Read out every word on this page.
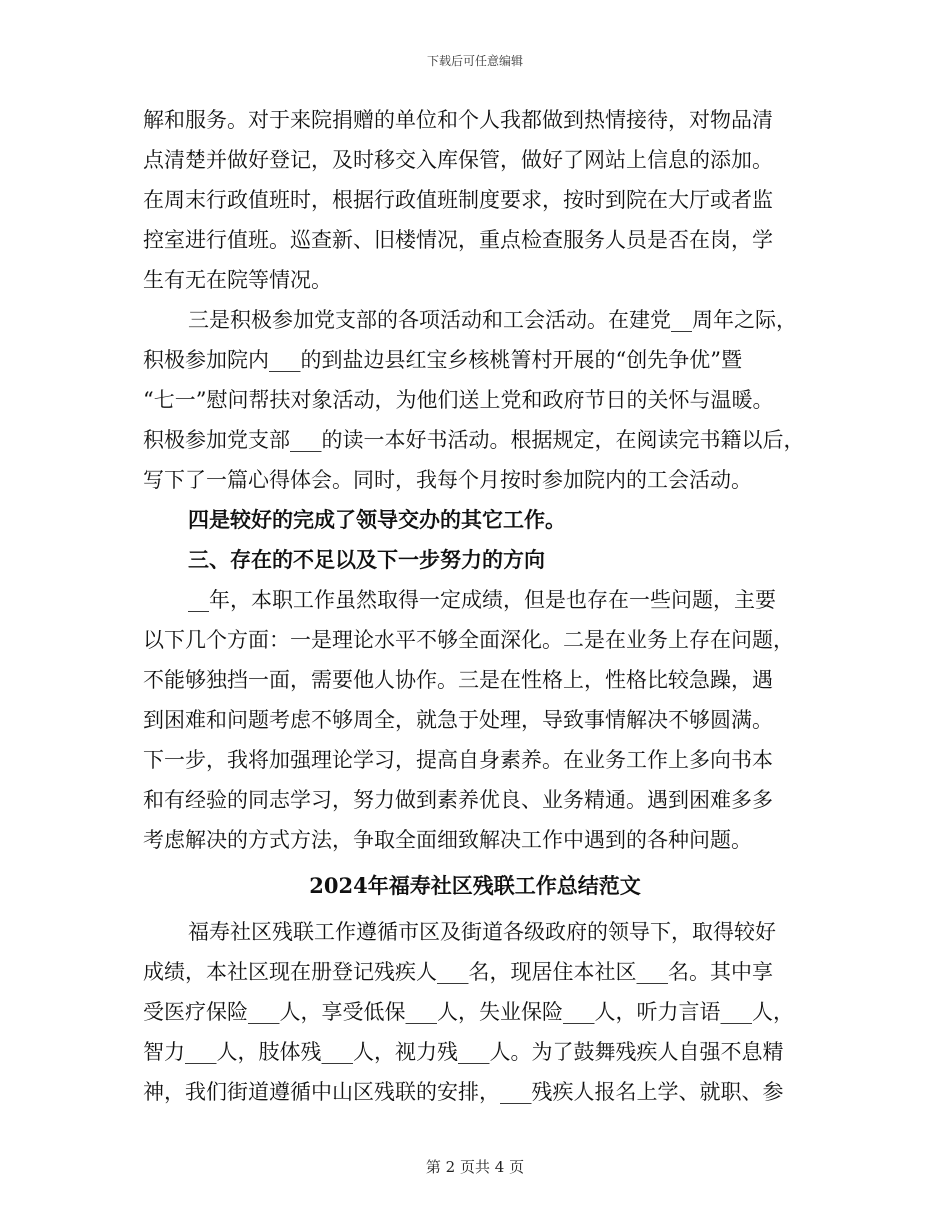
下载后可任意编辑
解和服务。对于来院捐赠的单位和个人我都做到热情接待，对物品清
点清楚并做好登记，及时移交入库保管，做好了网站上信息的添加。
在周末行政值班时，根据行政值班制度要求，按时到院在大厅或者监
控室进行值班。巡查新、旧楼情况，重点检查服务人员是否在岗，学
生有无在院等情况。
三是积极参加党支部的各项活动和工会活动。在建党__周年之际，
积极参加院内___的到盐边县红宝乡核桃箐村开展的“创先争优”暨
“七一”慰问帮扶对象活动，为他们送上党和政府节日的关怀与温暖。
积极参加党支部___的读一本好书活动。根据规定，在阅读完书籍以后，
写下了一篇心得体会。同时，我每个月按时参加院内的工会活动。
四是较好的完成了领导交办的其它工作。
三、存在的不足以及下一步努力的方向
__年，本职工作虽然取得一定成绩，但是也存在一些问题，主要
以下几个方面：一是理论水平不够全面深化。二是在业务上存在问题，
不能够独挡一面，需要他人协作。三是在性格上，性格比较急躁，遇
到困难和问题考虑不够周全，就急于处理，导致事情解决不够圆满。
下一步，我将加强理论学习，提高自身素养。在业务工作上多向书本
和有经验的同志学习，努力做到素养优良、业务精通。遇到困难多多
考虑解决的方式方法，争取全面细致解决工作中遇到的各种问题。
2024年福寿社区残联工作总结范文
福寿社区残联工作遵循市区及街道各级政府的领导下，取得较好
成绩，本社区现在册登记残疾人___名，现居住本社区___名。其中享
受医疗保险___人，享受低保___人，失业保险___人，听力言语___人，
智力___人，肢体残___人，视力残___人。为了鼓舞残疾人自强不息精
神，我们街道遵循中山区残联的安排，___残疾人报名上学、就职、参
第 2 页共 4 页
